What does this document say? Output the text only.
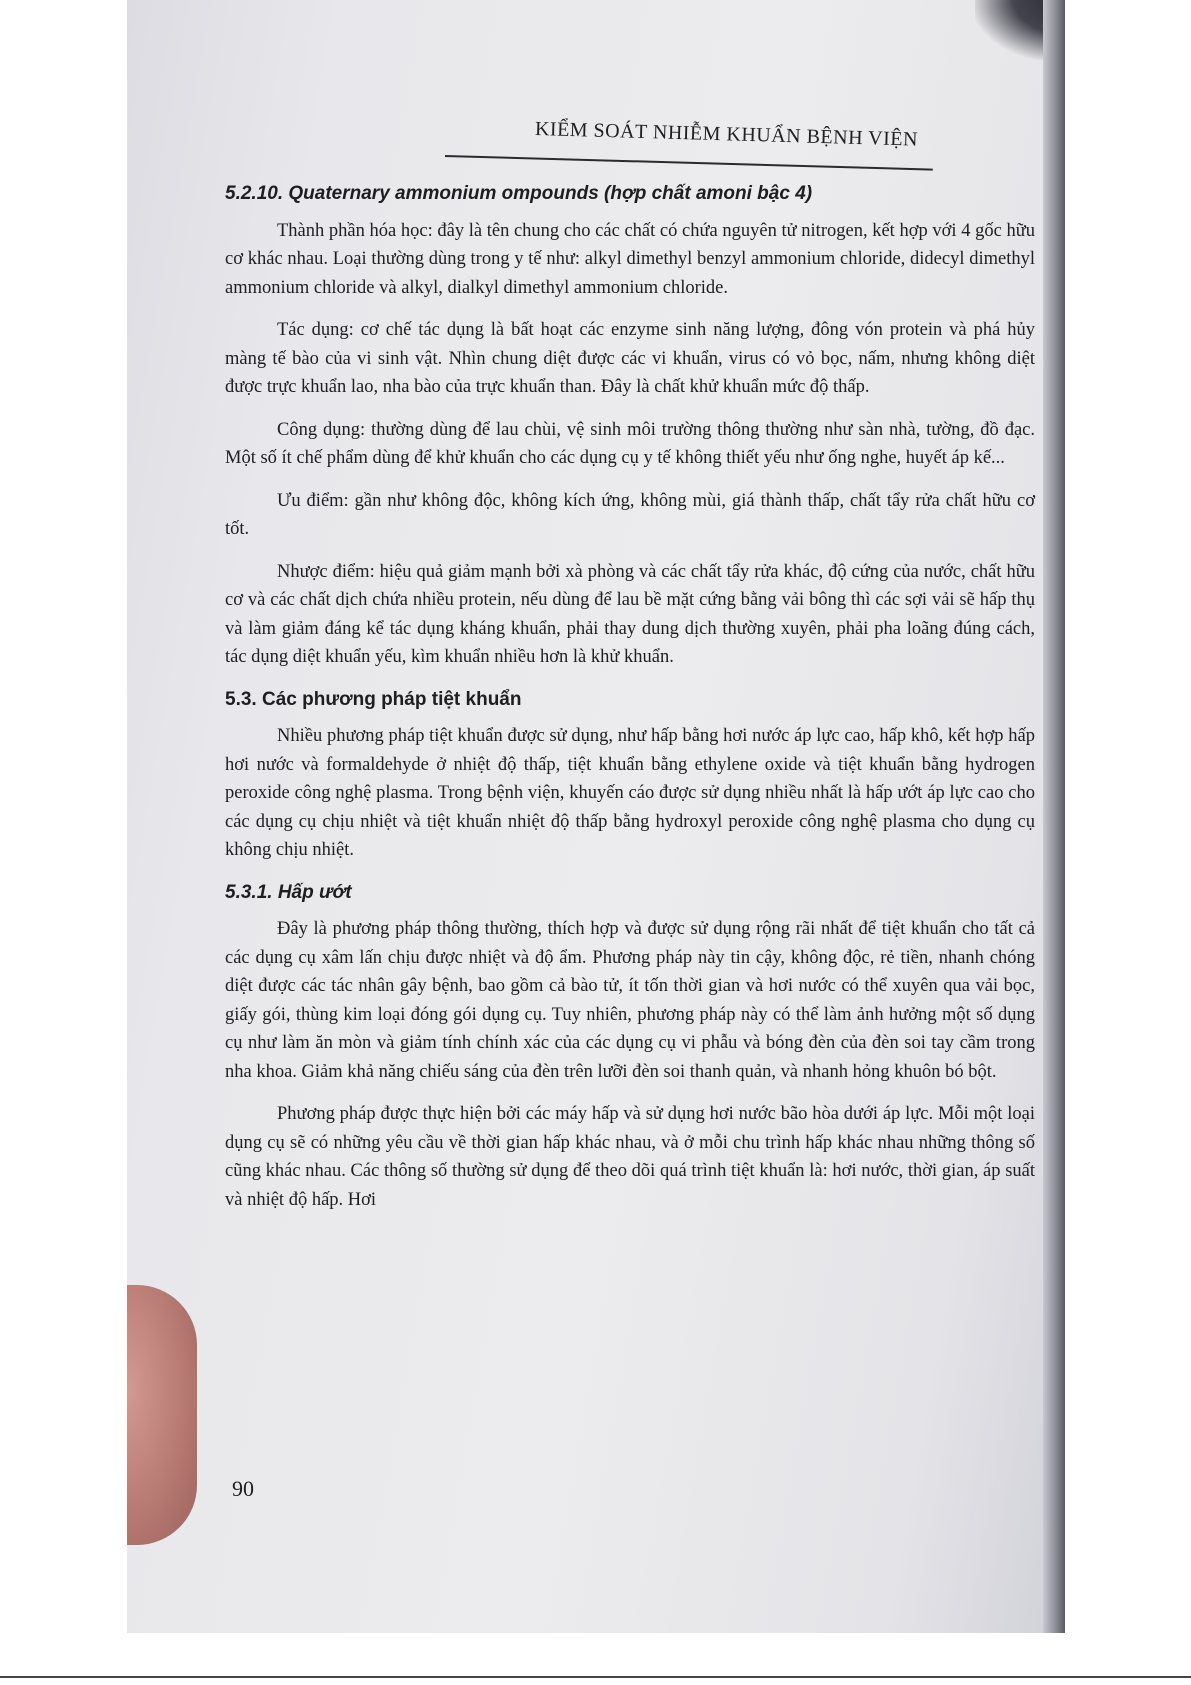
KIỂM SOÁT NHIỄM KHUẨN BỆNH VIỆN
5.2.10. Quaternary ammonium ompounds (hợp chất amoni bậc 4)

Thành phần hóa học: đây là tên chung cho các chất có chứa nguyên tử nitrogen, kết hợp với 4 gốc hữu cơ khác nhau. Loại thường dùng trong y tế như: alkyl dimethyl benzyl ammonium chloride, didecyl dimethyl ammonium chloride và alkyl, dialkyl dimethyl ammonium chloride.

Tác dụng: cơ chế tác dụng là bất hoạt các enzyme sinh năng lượng, đông vón protein và phá hủy màng tế bào của vi sinh vật. Nhìn chung diệt được các vi khuẩn, virus có vỏ bọc, nấm, nhưng không diệt được trực khuẩn lao, nha bào của trực khuẩn than. Đây là chất khử khuẩn mức độ thấp.

Công dụng: thường dùng để lau chùi, vệ sinh môi trường thông thường như sàn nhà, tường, đồ đạc. Một số ít chế phẩm dùng để khử khuẩn cho các dụng cụ y tế không thiết yếu như ống nghe, huyết áp kế...

Ưu điểm: gần như không độc, không kích ứng, không mùi, giá thành thấp, chất tẩy rửa chất hữu cơ tốt.

Nhược điểm: hiệu quả giảm mạnh bởi xà phòng và các chất tẩy rửa khác, độ cứng của nước, chất hữu cơ và các chất dịch chứa nhiều protein, nếu dùng để lau bề mặt cứng bằng vải bông thì các sợi vải sẽ hấp thụ và làm giảm đáng kể tác dụng kháng khuẩn, phải thay dung dịch thường xuyên, phải pha loãng đúng cách, tác dụng diệt khuẩn yếu, kìm khuẩn nhiều hơn là khử khuẩn.

5.3. Các phương pháp tiệt khuẩn

Nhiều phương pháp tiệt khuẩn được sử dụng, như hấp bằng hơi nước áp lực cao, hấp khô, kết hợp hấp hơi nước và formaldehyde ở nhiệt độ thấp, tiệt khuẩn bằng ethylene oxide và tiệt khuẩn bằng hydrogen peroxide công nghệ plasma. Trong bệnh viện, khuyến cáo được sử dụng nhiều nhất là hấp ướt áp lực cao cho các dụng cụ chịu nhiệt và tiệt khuẩn nhiệt độ thấp bằng hydroxyl peroxide công nghệ plasma cho dụng cụ không chịu nhiệt.

5.3.1. Hấp ướt

Đây là phương pháp thông thường, thích hợp và được sử dụng rộng rãi nhất để tiệt khuẩn cho tất cả các dụng cụ xâm lấn chịu được nhiệt và độ ẩm. Phương pháp này tin cậy, không độc, rẻ tiền, nhanh chóng diệt được các tác nhân gây bệnh, bao gồm cả bào tử, ít tốn thời gian và hơi nước có thể xuyên qua vải bọc, giấy gói, thùng kim loại đóng gói dụng cụ. Tuy nhiên, phương pháp này có thể làm ảnh hưởng một số dụng cụ như làm ăn mòn và giảm tính chính xác của các dụng cụ vi phẫu và bóng đèn của đèn soi tay cầm trong nha khoa. Giảm khả năng chiếu sáng của đèn trên lưỡi đèn soi thanh quản, và nhanh hỏng khuôn bó bột.

Phương pháp được thực hiện bởi các máy hấp và sử dụng hơi nước bão hòa dưới áp lực. Mỗi một loại dụng cụ sẽ có những yêu cầu về thời gian hấp khác nhau, và ở mỗi chu trình hấp khác nhau những thông số cũng khác nhau. Các thông số thường sử dụng để theo dõi quá trình tiệt khuẩn là: hơi nước, thời gian, áp suất và nhiệt độ hấp. Hơi

90
